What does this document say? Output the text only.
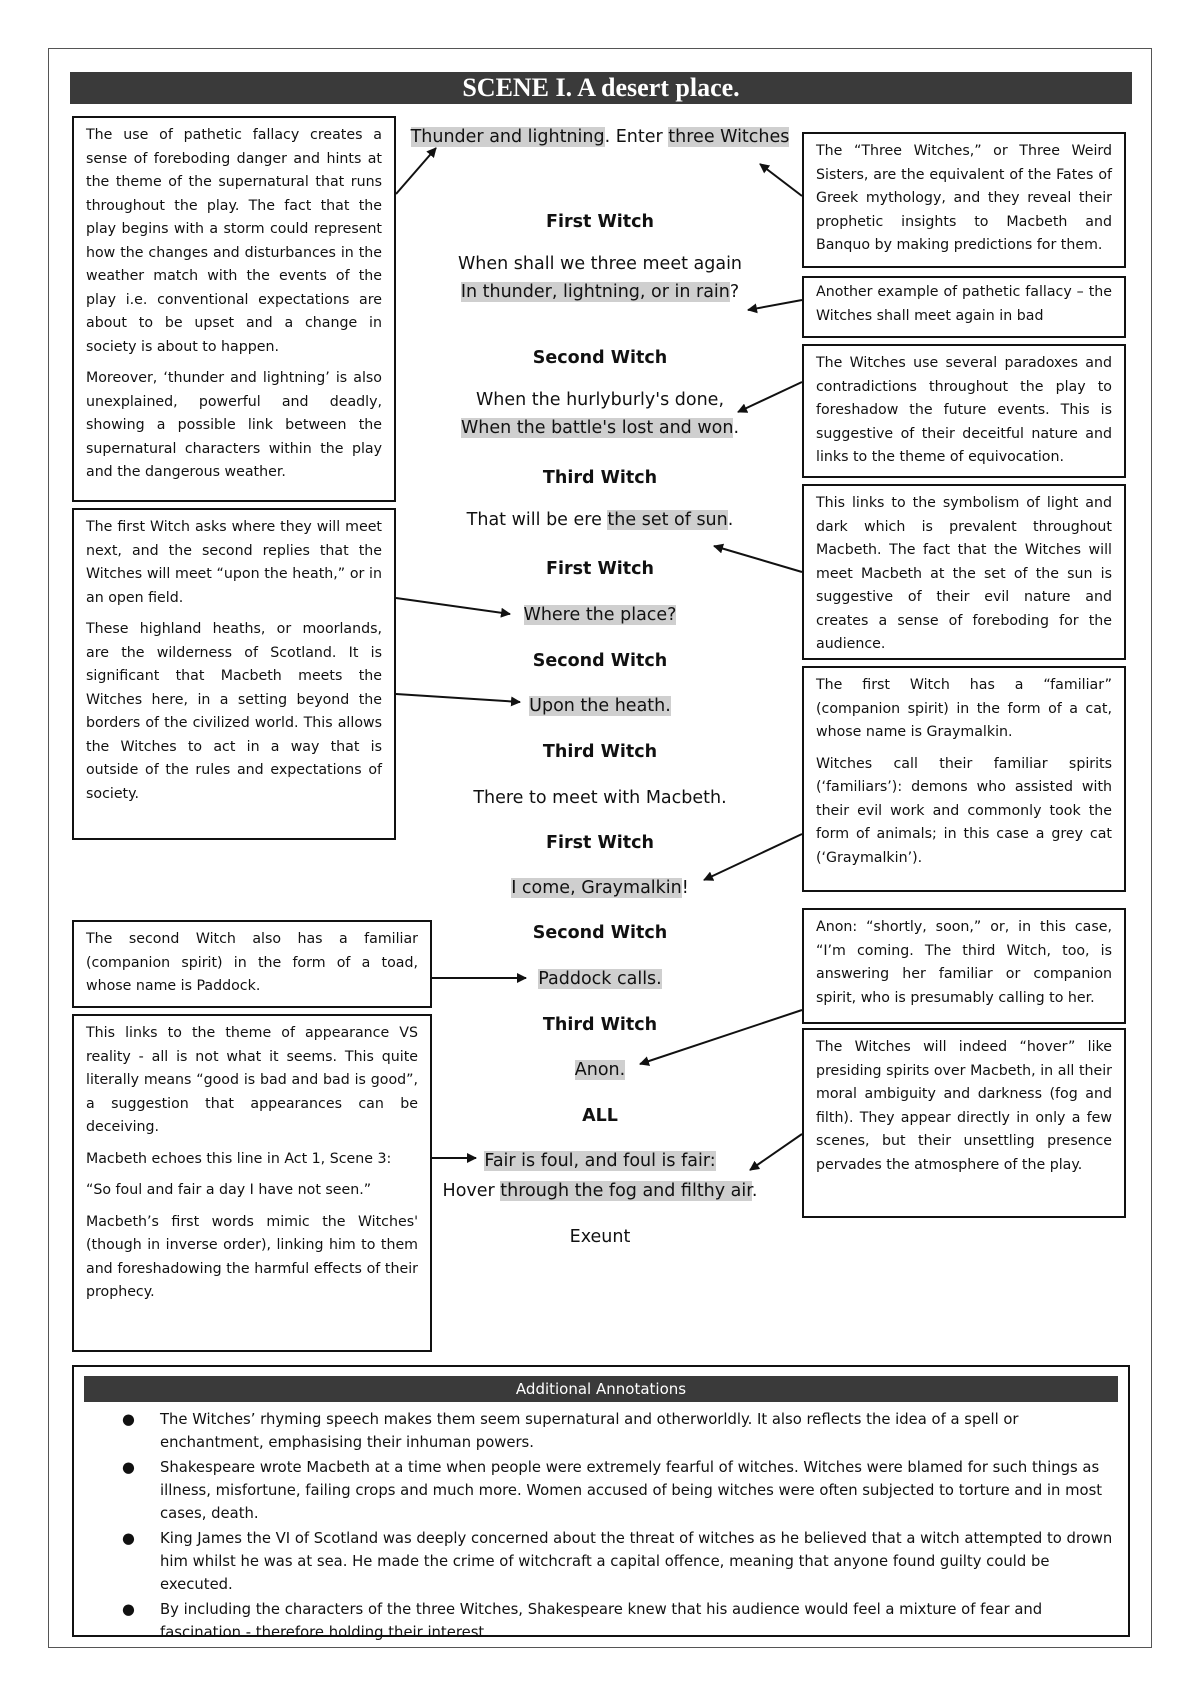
SCENE I. A desert place.
Thunder and lightning. Enter three Witches
First Witch
When shall we three meet again
In thunder, lightning, or in rain?
Second Witch
When the hurlyburly's done,
When the battle's lost and won.
Third Witch
That will be ere the set of sun.
First Witch
Where the place?
Second Witch
Upon the heath.
Third Witch
There to meet with Macbeth.
First Witch
I come, Graymalkin!
Second Witch
Paddock calls.
Third Witch
Anon.
ALL
Fair is foul, and foul is fair:
Hover through the fog and filthy air.
Exeunt

The use of pathetic fallacy creates a sense of foreboding danger and hints at the theme of the supernatural that runs throughout the play. The fact that the play begins with a storm could represent how the changes and disturbances in the weather match with the events of the play i.e. conventional expectations are about to be upset and a change in society is about to happen.

Moreover, ‘thunder and lightning’ is also unexplained, powerful and deadly, showing a possible link between the supernatural characters within the play and the dangerous weather.

The first Witch asks where they will meet next, and the second replies that the Witches will meet “upon the heath,” or in an open field.

These highland heaths, or moorlands, are the wilderness of Scotland. It is significant that Macbeth meets the Witches here, in a setting beyond the borders of the civilized world. This allows the Witches to act in a way that is outside of the rules and expectations of society.

The second Witch also has a familiar (companion spirit) in the form of a toad, whose name is Paddock.

This links to the theme of appearance VS reality - all is not what it seems. This quite literally means “good is bad and bad is good”, a suggestion that appearances can be deceiving.

Macbeth echoes this line in Act 1, Scene 3:

“So foul and fair a day I have not seen.”

Macbeth’s first words mimic the Witches' (though in inverse order), linking him to them and foreshadowing the harmful effects of their prophecy.

The “Three Witches,” or Three Weird Sisters, are the equivalent of the Fates of Greek mythology, and they reveal their prophetic insights to Macbeth and Banquo by making predictions for them.

Another example of pathetic fallacy – the Witches shall meet again in bad

The Witches use several paradoxes and contradictions throughout the play to foreshadow the future events. This is suggestive of their deceitful nature and links to the theme of equivocation.

This links to the symbolism of light and dark which is prevalent throughout Macbeth. The fact that the Witches will meet Macbeth at the set of the sun is suggestive of their evil nature and creates a sense of foreboding for the audience.

The first Witch has a “familiar” (companion spirit) in the form of a cat, whose name is Graymalkin.

Witches call their familiar spirits (‘familiars’): demons who assisted with their evil work and commonly took the form of animals; in this case a grey cat (‘Graymalkin’).

Anon: “shortly, soon,” or, in this case, “I’m coming. The third Witch, too, is answering her familiar or companion spirit, who is presumably calling to her.

The Witches will indeed “hover” like presiding spirits over Macbeth, in all their moral ambiguity and darkness (fog and filth). They appear directly in only a few scenes, but their unsettling presence pervades the atmosphere of the play.

Additional Annotations
● The Witches’ rhyming speech makes them seem supernatural and otherworldly. It also reflects the idea of a spell or enchantment, emphasising their inhuman powers.
● Shakespeare wrote Macbeth at a time when people were extremely fearful of witches. Witches were blamed for such things as illness, misfortune, failing crops and much more. Women accused of being witches were often subjected to torture and in most cases, death.
● King James the VI of Scotland was deeply concerned about the threat of witches as he believed that a witch attempted to drown him whilst he was at sea. He made the crime of witchcraft a capital offence, meaning that anyone found guilty could be executed.
● By including the characters of the three Witches, Shakespeare knew that his audience would feel a mixture of fear and fascination - therefore holding their interest.
